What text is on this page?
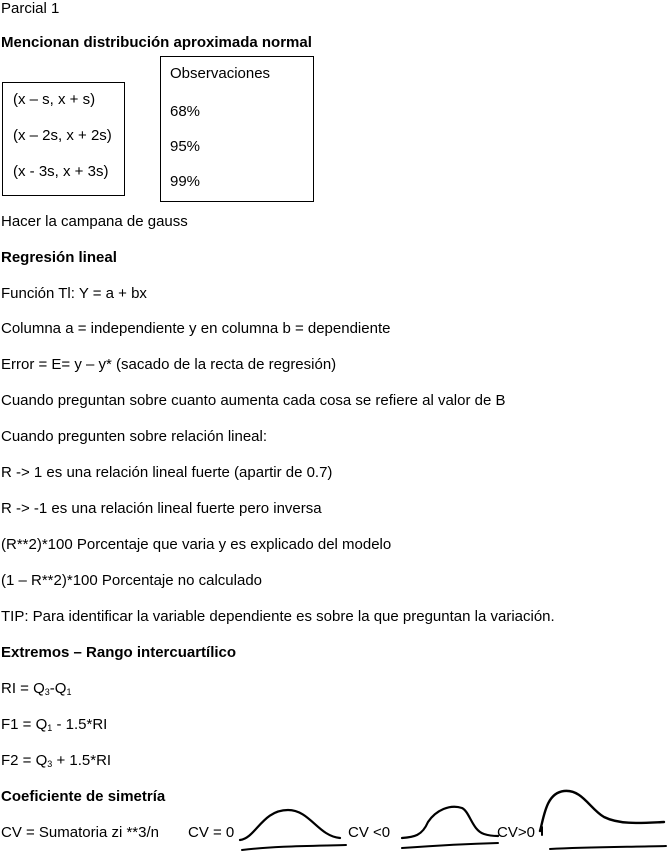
Parcial 1

Mencionan distribución aproximada normal

(x – s, x + s)

(x – 2s, x + 2s)

(x - 3s, x + 3s)

Observaciones

68%

95%

99%

Hacer la campana de gauss

Regresión lineal

Función Tl: Y = a + bx

Columna a = independiente y en columna b = dependiente

Error = E= y – y* (sacado de la recta de regresión)

Cuando preguntan sobre cuanto aumenta cada cosa se refiere al valor de B

Cuando pregunten sobre relación lineal:

R -> 1 es una relación lineal fuerte (apartir de 0.7)

R -> -1 es una relación lineal fuerte pero inversa

(R**2)*100 Porcentaje que varia y es explicado del modelo

(1 – R**2)*100 Porcentaje no calculado

TIP: Para identificar la variable dependiente es sobre la que preguntan la variación.

Extremos – Rango intercuartílico

RI = $Q_3-Q_1$

$F1 = Q_1 - 1.5*RI$

$F2 = Q_3 + 1.5*RI$

Coeficiente de simetría

CV = Sumatoria zi **3/n CV = 0	CV <0	CV>0
